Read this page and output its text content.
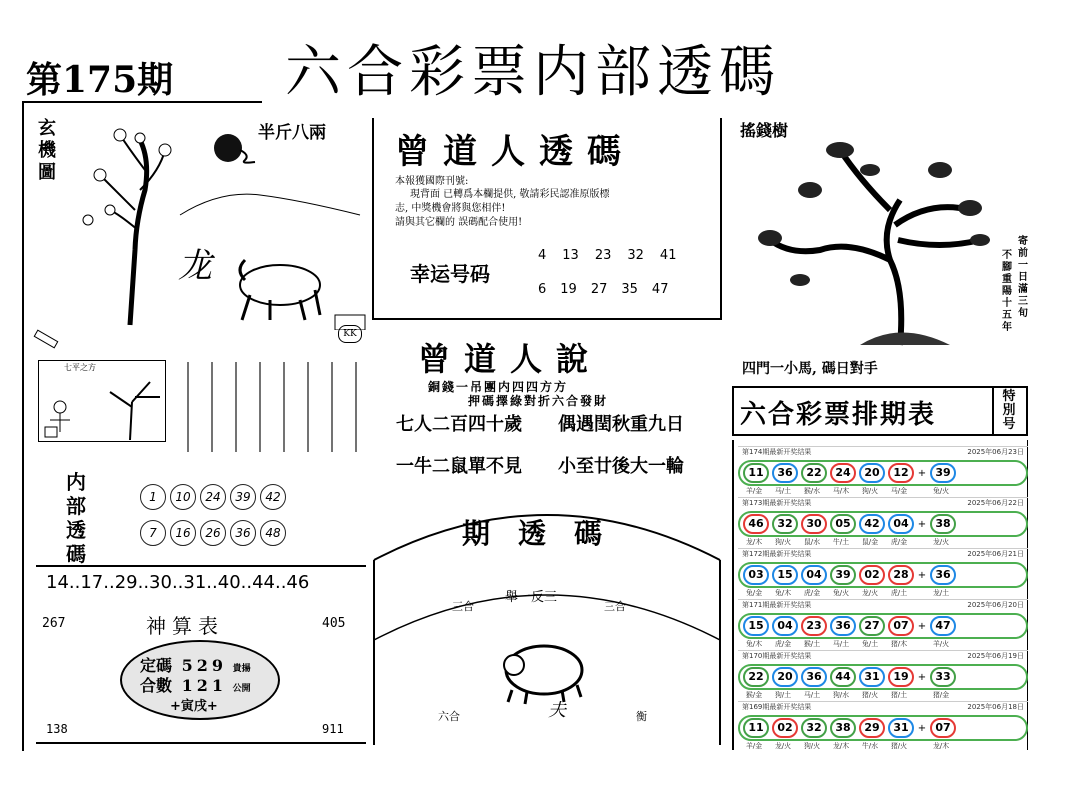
第175期 六合彩票内部透碼
玄機圖
半斤八兩
龙
KK
七平之方
内部透碼
1 10 24 39 42
7 16 26 36 48
14..17..29..30..31..40..44..46
267	405
138	911
神算表
定碼 529 貴揚
合數 121 公開
+寅戌+
曾道人透碼
本報獲國際刊號:
現背面 已轉爲本欄提供, 敬請彩民認准原版標
志, 中獎機會將與您相伴!
請與其它欄的 誤碼配合使用!
幸运号码
4 13 23 32 41
6 19 27 35 47
曾道人說
銅錢一吊團内四四方方
押碼擇綠對折六合發財
七人二百四十歲 偶遇閏秋重九日
一牛二鼠單不見 小至廿後大一輪
期透碼
舉一反三
三合	三合
六合	衡
夫
搖錢樹
寄前一日滿三旬
不腳重陽十五年
四門一小馬, 碼日對手
六合彩票排期表
特別号
第174期最新开奖结果	2025年06月23日
11	36	22	24	20	12 + 39
羊/金	马/土	猴/水	马/木	狗/火	马/金	兔/火
第173期最新开奖结果	2025年06月22日
46	32	30	05	42	04 + 38
龙/木	狗/火	鼠/水	牛/土	鼠/金	虎/金	龙/火
第172期最新开奖结果	2025年06月21日
03	15	04	39	02	28 + 36
兔/金	兔/木	虎/金	兔/火	龙/火	虎/土	龙/土
第171期最新开奖结果	2025年06月20日
15	04	23	36	27	07 + 47
兔/木	虎/金	猴/土	马/土	兔/土	猪/木	羊/火
第170期最新开奖结果	2025年06月19日
22	20	36	44	31	19 + 33
猴/金	狗/土	马/土	狗/水	猪/火	猪/土	猪/金
第169期最新开奖结果	2025年06月18日
11	02	32	38	29	31 + 07
羊/金	龙/火	狗/火	龙/木	牛/水	猪/火	龙/木
